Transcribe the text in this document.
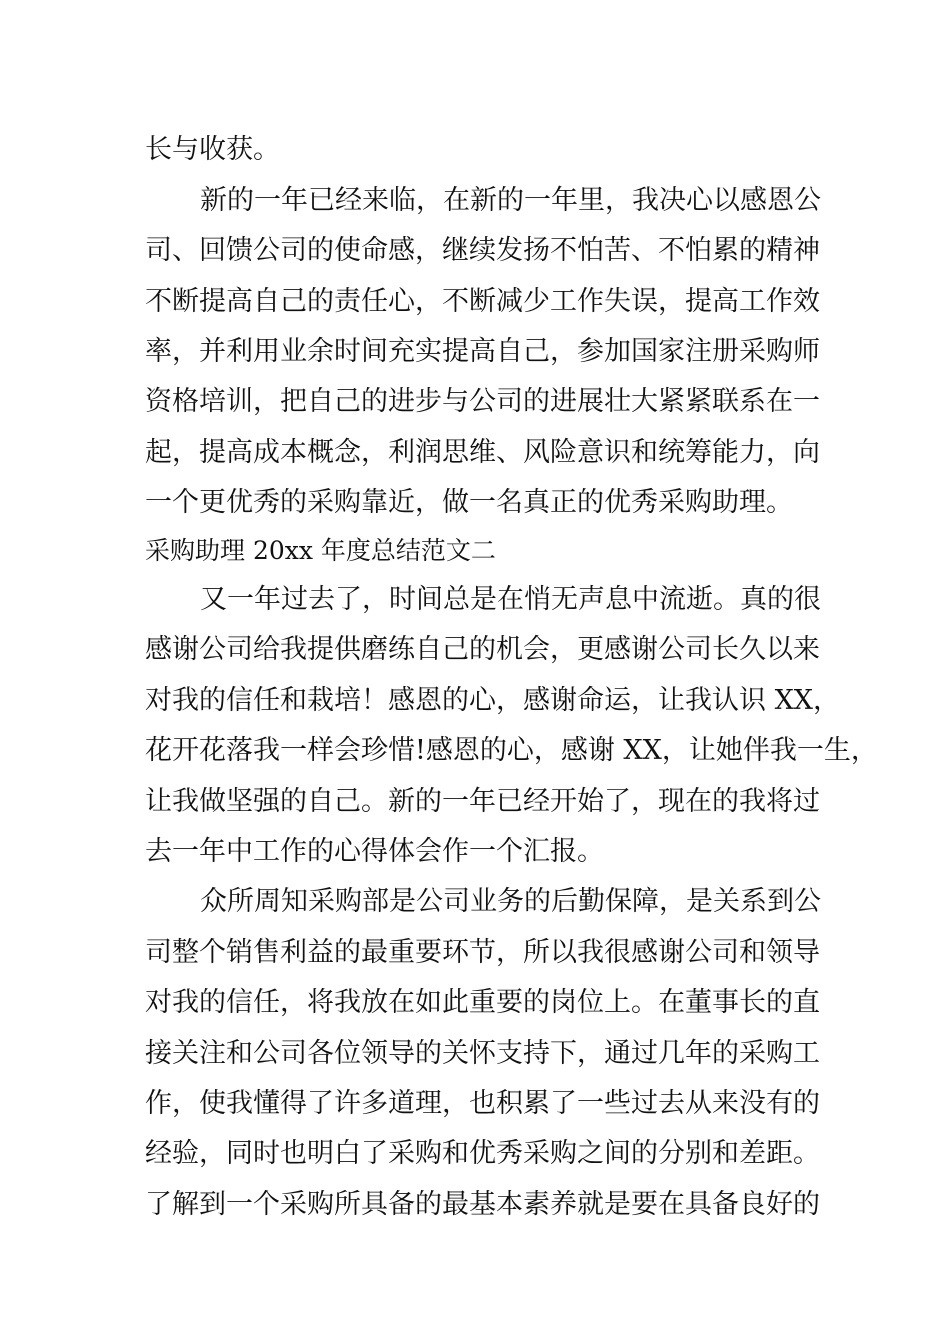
长与收获。
新的一年已经来临，在新的一年里，我决心以感恩公
司、回馈公司的使命感，继续发扬不怕苦、不怕累的精神
不断提高自己的责任心，不断减少工作失误，提高工作效
率，并利用业余时间充实提高自己，参加国家注册采购师
资格培训，把自己的进步与公司的进展壮大紧紧联系在一
起，提高成本概念，利润思维、风险意识和统筹能力，向
一个更优秀的采购靠近，做一名真正的优秀采购助理。
采购助理 20xx 年度总结范文二
又一年过去了，时间总是在悄无声息中流逝。真的很
感谢公司给我提供磨练自己的机会，更感谢公司长久以来
对我的信任和栽培！感恩的心，感谢命运，让我认识 XX，
花开花落我一样会珍惜!感恩的心，感谢 XX，让她伴我一生，
让我做坚强的自己。新的一年已经开始了，现在的我将过
去一年中工作的心得体会作一个汇报。
众所周知采购部是公司业务的后勤保障，是关系到公
司整个销售利益的最重要环节，所以我很感谢公司和领导
对我的信任，将我放在如此重要的岗位上。在董事长的直
接关注和公司各位领导的关怀支持下，通过几年的采购工
作，使我懂得了许多道理，也积累了一些过去从来没有的
经验，同时也明白了采购和优秀采购之间的分别和差距。
了解到一个采购所具备的最基本素养就是要在具备良好的
